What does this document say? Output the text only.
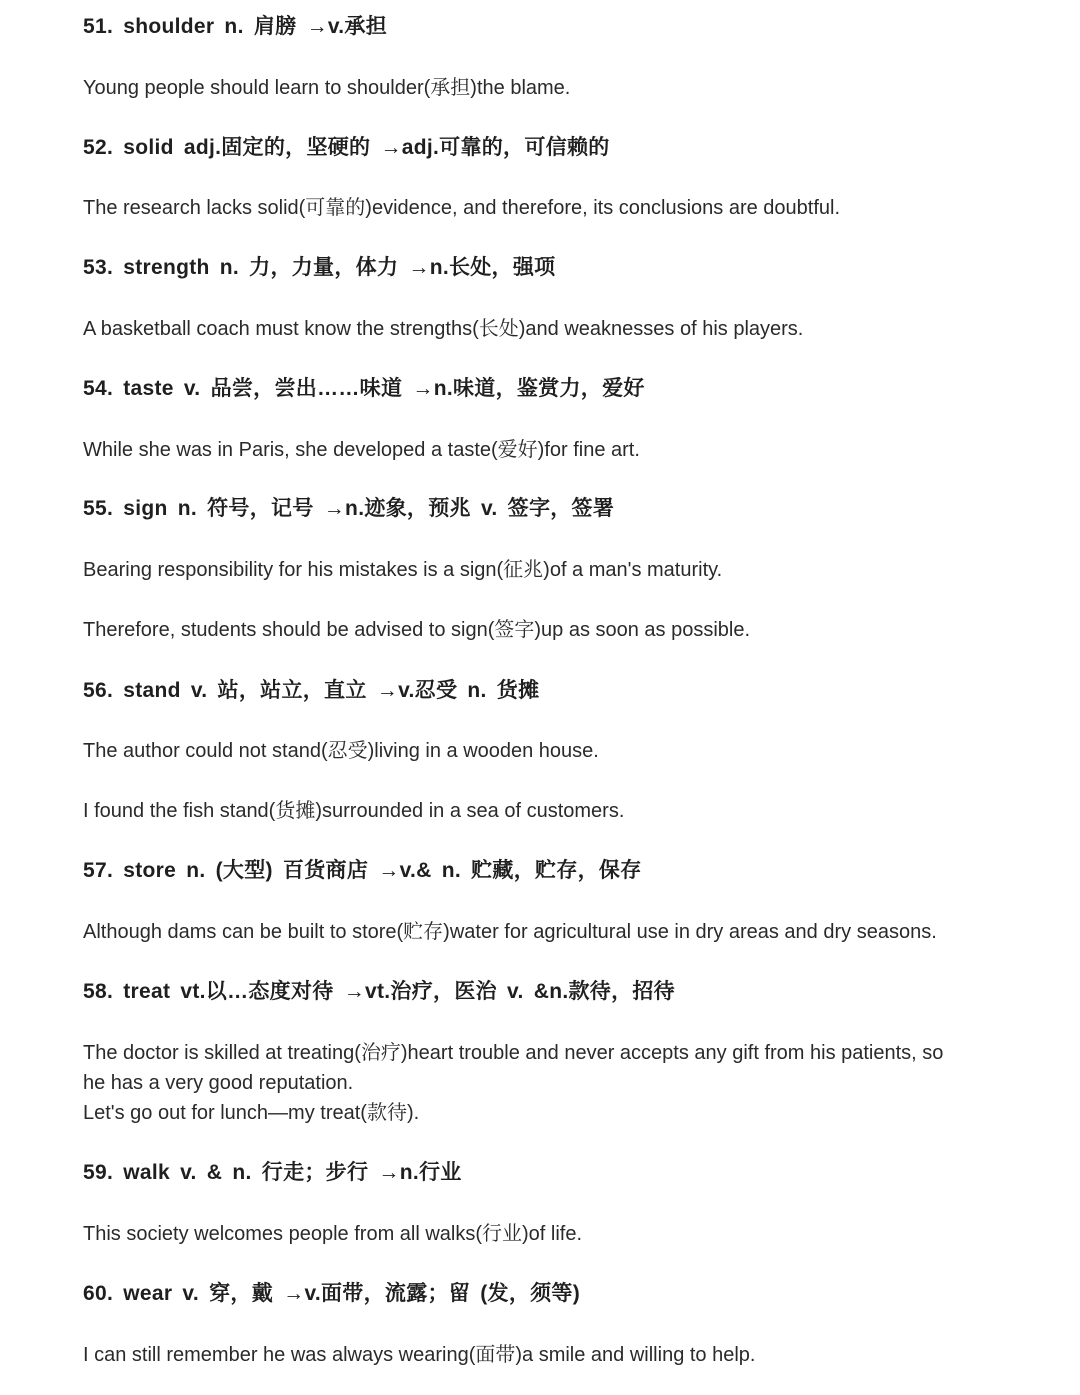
51. shoulder n. 肩膀 →v.承担
Young people should learn to shoulder(承担)the blame.
52. solid adj.固定的，坚硬的 →adj.可靠的，可信赖的
The research lacks solid(可靠的)evidence, and therefore, its conclusions are doubtful.
53. strength n. 力，力量，体力 →n.长处，强项
A basketball coach must know the strengths(长处)and weaknesses of his players.
54. taste v. 品尝，尝出……味道 →n.味道，鉴赏力，爱好
While she was in Paris, she developed a taste(爱好)for fine art.
55. sign n. 符号，记号 →n.迹象，预兆 v. 签字，签署
Bearing responsibility for his mistakes is a sign(征兆)of a man's maturity.
Therefore, students should be advised to sign(签字)up as soon as possible.
56. stand v. 站，站立，直立 →v.忍受 n. 货摊
The author could not stand(忍受)living in a wooden house.
I found the fish stand(货摊)surrounded in a sea of customers.
57. store n. (大型) 百货商店 →v.& n. 贮藏，贮存，保存
Although dams can be built to store(贮存)water for agricultural use in dry areas and dry seasons.
58. treat vt.以…态度对待 →vt.治疗，医治 v. &n.款待，招待
The doctor is skilled at treating(治疗)heart trouble and never accepts any gift from his patients, so
he has a very good reputation.
Let's go out for lunch—my treat(款待).
59. walk v. & n. 行走；步行 →n.行业
This society welcomes people from all walks(行业)of life.
60. wear v. 穿，戴 →v.面带，流露；留 (发，须等)
I can still remember he was always wearing(面带)a smile and willing to help.
